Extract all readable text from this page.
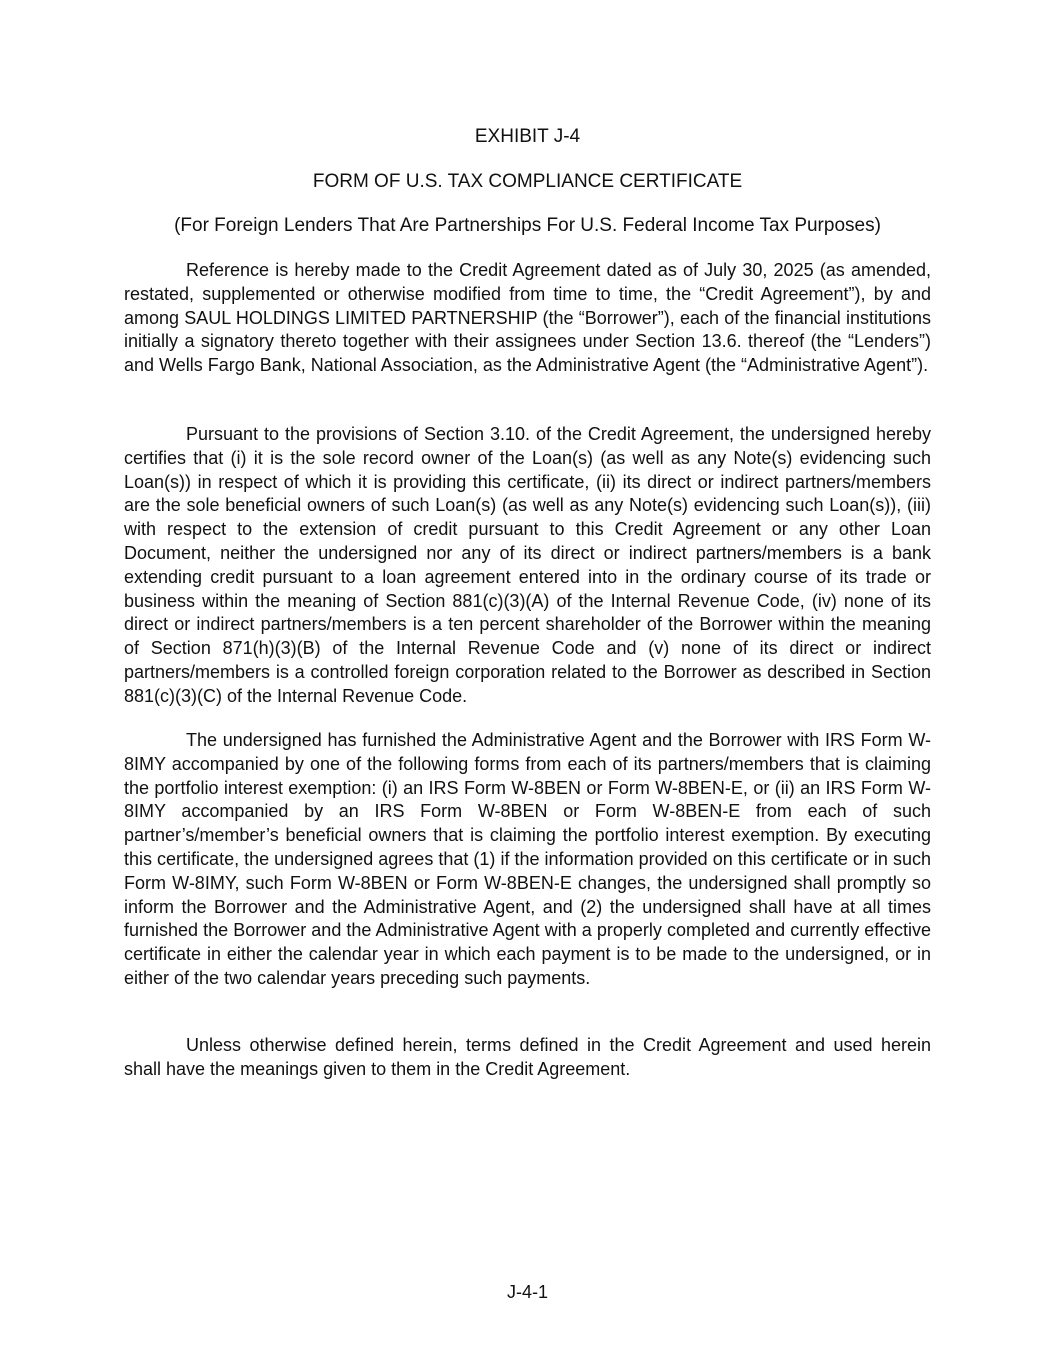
EXHIBIT J-4
FORM OF U.S. TAX COMPLIANCE CERTIFICATE
(For Foreign Lenders That Are Partnerships For U.S. Federal Income Tax Purposes)

Reference is hereby made to the Credit Agreement dated as of July 30, 2025 (as amended, restated, supplemented or otherwise modified from time to time, the “Credit Agreement”), by and among SAUL HOLDINGS LIMITED PARTNERSHIP (the “Borrower”), each of the financial institutions initially a signatory thereto together with their assignees under Section 13.6. thereof (the “Lenders”) and Wells Fargo Bank, National Association, as the Administrative Agent (the “Administrative Agent”).

Pursuant to the provisions of Section 3.10. of the Credit Agreement, the undersigned hereby certifies that (i) it is the sole record owner of the Loan(s) (as well as any Note(s) evidencing such Loan(s)) in respect of which it is providing this certificate, (ii) its direct or indirect partners/members are the sole beneficial owners of such Loan(s) (as well as any Note(s) evidencing such Loan(s)), (iii) with respect to the extension of credit pursuant to this Credit Agreement or any other Loan Document, neither the undersigned nor any of its direct or indirect partners/members is a bank extending credit pursuant to a loan agreement entered into in the ordinary course of its trade or business within the meaning of Section 881(c)(3)(A) of the Internal Revenue Code, (iv) none of its direct or indirect partners/members is a ten percent shareholder of the Borrower within the meaning of Section 871(h)(3)(B) of the Internal Revenue Code and (v) none of its direct or indirect partners/members is a controlled foreign corporation related to the Borrower as described in Section 881(c)(3)(C) of the Internal Revenue Code.

The undersigned has furnished the Administrative Agent and the Borrower with IRS Form W-8IMY accompanied by one of the following forms from each of its partners/members that is claiming the portfolio interest exemption: (i) an IRS Form W-8BEN or Form W-8BEN-E, or (ii) an IRS Form W- 8IMY accompanied by an IRS Form W-8BEN or Form W-8BEN-E from each of such partner’s/member’s beneficial owners that is claiming the portfolio interest exemption. By executing this certificate, the undersigned agrees that (1) if the information provided on this certificate or in such Form W-8IMY, such Form W-8BEN or Form W-8BEN-E changes, the undersigned shall promptly so inform the Borrower and the Administrative Agent, and (2) the undersigned shall have at all times furnished the Borrower and the Administrative Agent with a properly completed and currently effective certificate in either the calendar year in which each payment is to be made to the undersigned, or in either of the two calendar years preceding such payments.

Unless otherwise defined herein, terms defined in the Credit Agreement and used herein shall have the meanings given to them in the Credit Agreement.

J-4-1
